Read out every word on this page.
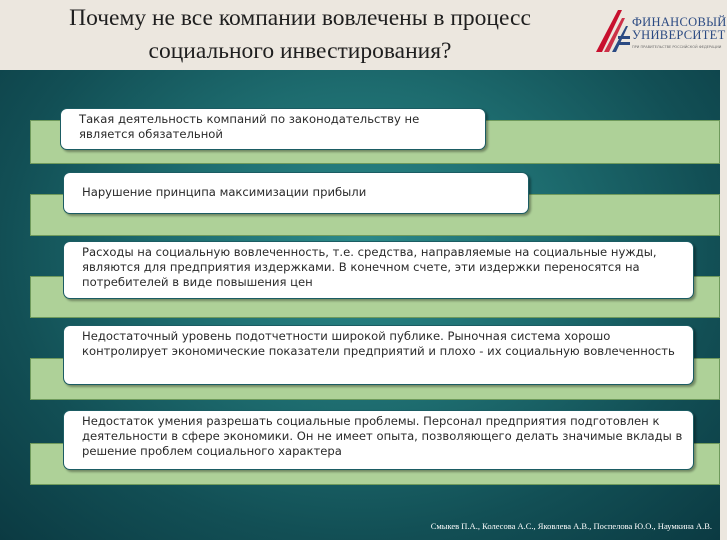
Почему не все компании вовлечены в процесс
социального инвестирования?
ФИНАНСОВЫЙ
УНИВЕРСИТЕТ
ПРИ ПРАВИТЕЛЬСТВЕ РОССИЙСКОЙ ФЕДЕРАЦИИ
Такая деятельность компаний по законодательству не является обязательной
Нарушение принципа максимизации прибыли
Расходы на социальную вовлеченность, т.е. средства, направляемые на социальные нужды, являются для предприятия издержками. В конечном счете, эти издержки переносятся на потребителей в виде повышения цен
Недостаточный уровень подотчетности широкой публике. Рыночная система хорошо контролирует экономические показатели предприятий и плохо - их социальную вовлеченность
Недостаток умения разрешать социальные проблемы. Персонал предприятия подготовлен к деятельности в сфере экономики. Он не имеет опыта, позволяющего делать значимые вклады в решение проблем социального характера
Смыкев П.А., Колесова А.С., Яковлева А.В., Поспелова Ю.О., Наумкина А.В.
